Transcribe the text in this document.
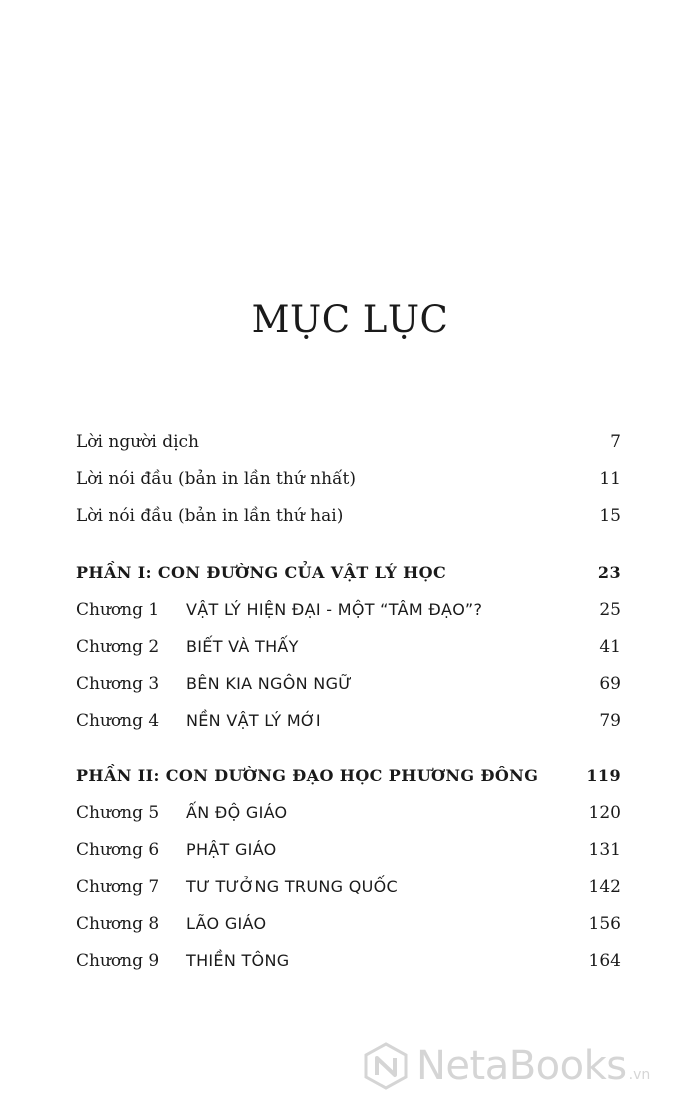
MỤC LỤC
Lời người dịch	7
Lời nói đầu (bản in lần thứ nhất)	11
Lời nói đầu (bản in lần thứ hai)	15
PHẦN I: CON ĐƯỜNG CỦA VẬT LÝ HỌC	23
Chương 1 VẬT LÝ HIỆN ĐẠI - MỘT “TÂM ĐẠO”?	25
Chương 2 BIẾT VÀ THẤY	41
Chương 3 BÊN KIA NGÔN NGỮ	69
Chương 4 NỀN VẬT LÝ MỚI	79
PHẦN II: CON DƯỜNG ĐẠO HỌC PHƯƠNG ĐÔNG	119
Chương 5 ẤN ĐỘ GIÁO	120
Chương 6 PHẬT GIÁO	131
Chương 7 TƯ TƯỞNG TRUNG QUỐC	142
Chương 8 LÃO GIÁO	156
Chương 9 THIỀN TÔNG	164
NetaBooks .vn
